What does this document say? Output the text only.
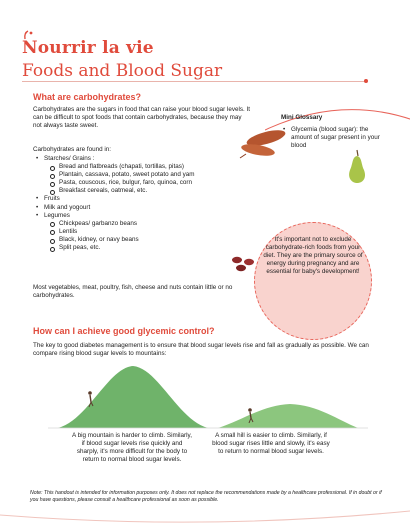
Nourrir la vie
Foods and Blood Sugar
What are carbohydrates?
Carbohydrates are the sugars in food that can raise your blood sugar levels. It can be difficult to spot foods that contain carbohydrates, because they may not always taste sweet.
Carbohydrates are found in:
• Starches/ Grains :
Bread and flatbreads (chapati, tortillas, pitas)
Plantain, cassava, potato, sweet potato and yam
Pasta, couscous, rice, bulgur, faro, quinoa, corn
Breakfast cereals, oatmeal, etc.
• Fruits
• Milk and yogourt
• Legumes
Chickpeas/ garbanzo beans
Lentils
Black, kidney, or navy beans
Split peas, etc.
Most vegetables, meat, poultry, fish, cheese and nuts contain little or no carbohydrates.
Mini Glossary
• Glycemia (blood sugar): the amount of sugar present in your blood
It's important not to exclude carbohydrate-rich foods from your diet. They are the primary source of energy during pregnancy and are essential for baby's development!
How can I achieve good glycemic control?
The key to good diabetes management is to ensure that blood sugar levels rise and fall as gradually as possible. We can compare rising blood sugar levels to mountains:
A big mountain is harder to climb. Similarly, if blood sugar levels rise quickly and sharply, it's more difficult for the body to return to normal blood sugar levels.
A small hill is easier to climb. Similarly, if blood sugar rises little and slowly, it's easy to return to normal blood sugar levels.
Note: This handout is intended for information purposes only. It does not replace the recommendations made by a healthcare professional. If in doubt or if you have questions, please consult a healthcare professional as soon as possible.
